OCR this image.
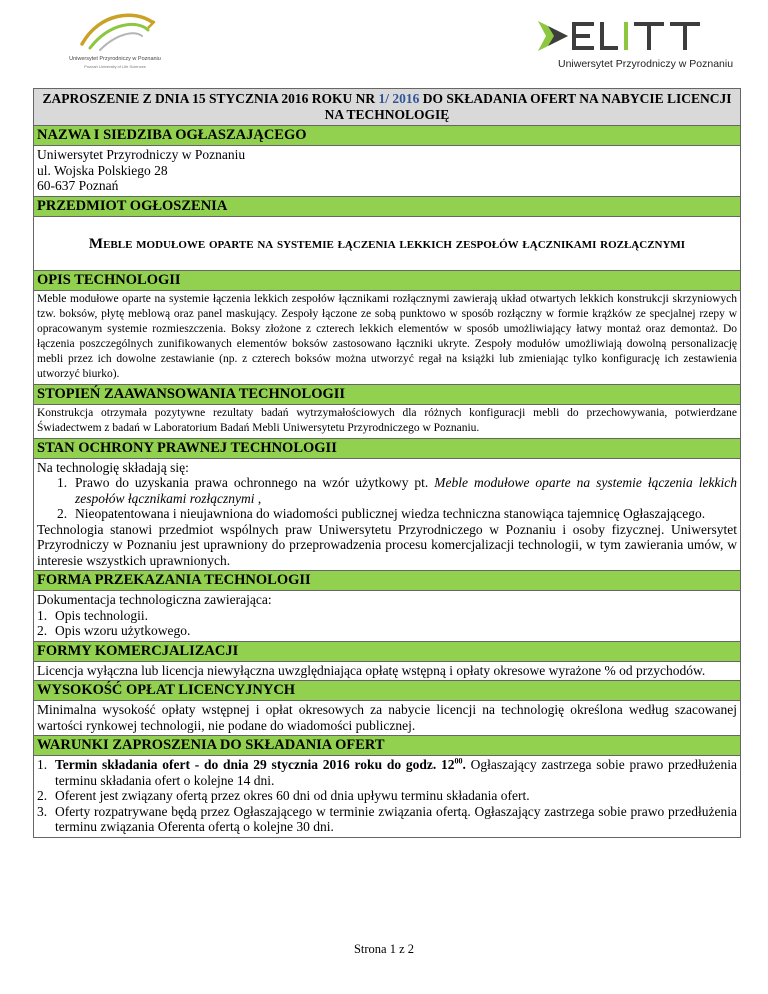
Uniwersytet Przyrodniczy w Poznaniu
Poznań University of Life Sciences	Uniwersytet Przyrodniczy w Poznaniu
ZAPROSZENIE Z DNIA 15 STYCZNIA 2016 ROKU NR 1/ 2016 DO SKŁADANIA OFERT NA NABYCIE LICENCJI NA TECHNOLOGIĘ
NAZWA I SIEDZIBA OGŁASZAJĄCEGO

Uniwersytet Przyrodniczy w Poznaniu
ul. Wojska Polskiego 28
60-637 Poznań

PRZEDMIOT OGŁOSZENIA
Meble modułowe oparte na systemie łączenia lekkich zespołów łącznikami rozłącznymi
OPIS TECHNOLOGII
Meble modułowe oparte na systemie łączenia lekkich zespołów łącznikami rozłącznymi zawierają układ otwartych lekkich konstrukcji skrzyniowych tzw. boksów, płytę meblową oraz panel maskujący. Zespoły łączone ze sobą punktowo w sposób rozłączny w formie krążków ze specjalnej rzepy w opracowanym systemie rozmieszczenia. Boksy złożone z czterech lekkich elementów w sposób umożliwiający łatwy montaż oraz demontaż. Do łączenia poszczególnych zunifikowanych elementów boksów zastosowano łączniki ukryte. Zespoły modułów umożliwiają dowolną personalizację mebli przez ich dowolne zestawianie (np. z czterech boksów można utworzyć regał na książki lub zmieniając tylko konfigurację ich zestawienia utworzyć biurko).
STOPIEŃ ZAAWANSOWANIA TECHNOLOGII
Konstrukcja otrzymała pozytywne rezultaty badań wytrzymałościowych dla różnych konfiguracji mebli do przechowywania, potwierdzane Świadectwem z badań w Laboratorium Badań Mebli Uniwersytetu Przyrodniczego w Poznaniu.
STAN OCHRONY PRAWNEJ TECHNOLOGII

Na technologię składają się:
1. Prawo do uzyskania prawa ochronnego na wzór użytkowy pt. Meble modułowe oparte na systemie łączenia lekkich zespołów łącznikami rozłącznymi ,
2. Nieopatentowana i nieujawniona do wiadomości publicznej wiedza techniczna stanowiąca tajemnicę Ogłaszającego.
Technologia stanowi przedmiot wspólnych praw Uniwersytetu Przyrodniczego w Poznaniu i osoby fizycznej. Uniwersytet Przyrodniczy w Poznaniu jest uprawniony do przeprowadzenia procesu komercjalizacji technologii, w tym zawierania umów, w interesie wszystkich uprawnionych.

FORMA PRZEKAZANIA TECHNOLOGII

Dokumentacja technologiczna zawierająca:
1. Opis technologii.
2. Opis wzoru użytkowego.

FORMY KOMERCJALIZACJI
Licencja wyłączna lub licencja niewyłączna uwzględniająca opłatę wstępną i opłaty okresowe wyrażone % od przychodów.
WYSOKOŚĆ OPŁAT LICENCYJNYCH
Minimalna wysokość opłaty wstępnej i opłat okresowych za nabycie licencji na technologię określona według szacowanej wartości rynkowej technologii, nie podane do wiadomości publicznej.
WARUNKI ZAPROSZENIA DO SKŁADANIA OFERT

1. Termin składania ofert - do dnia 29 stycznia 2016 roku do godz. $12^{00}$. Ogłaszający zastrzega sobie prawo przedłużenia terminu składania ofert o kolejne 14 dni.
2. Oferent jest związany ofertą przez okres 60 dni od dnia upływu terminu składania ofert.
3. Oferty rozpatrywane będą przez Ogłaszającego w terminie związania ofertą. Ogłaszający zastrzega sobie prawo przedłużenia terminu związania Oferenta ofertą o kolejne 30 dni.
Strona 1 z 2
